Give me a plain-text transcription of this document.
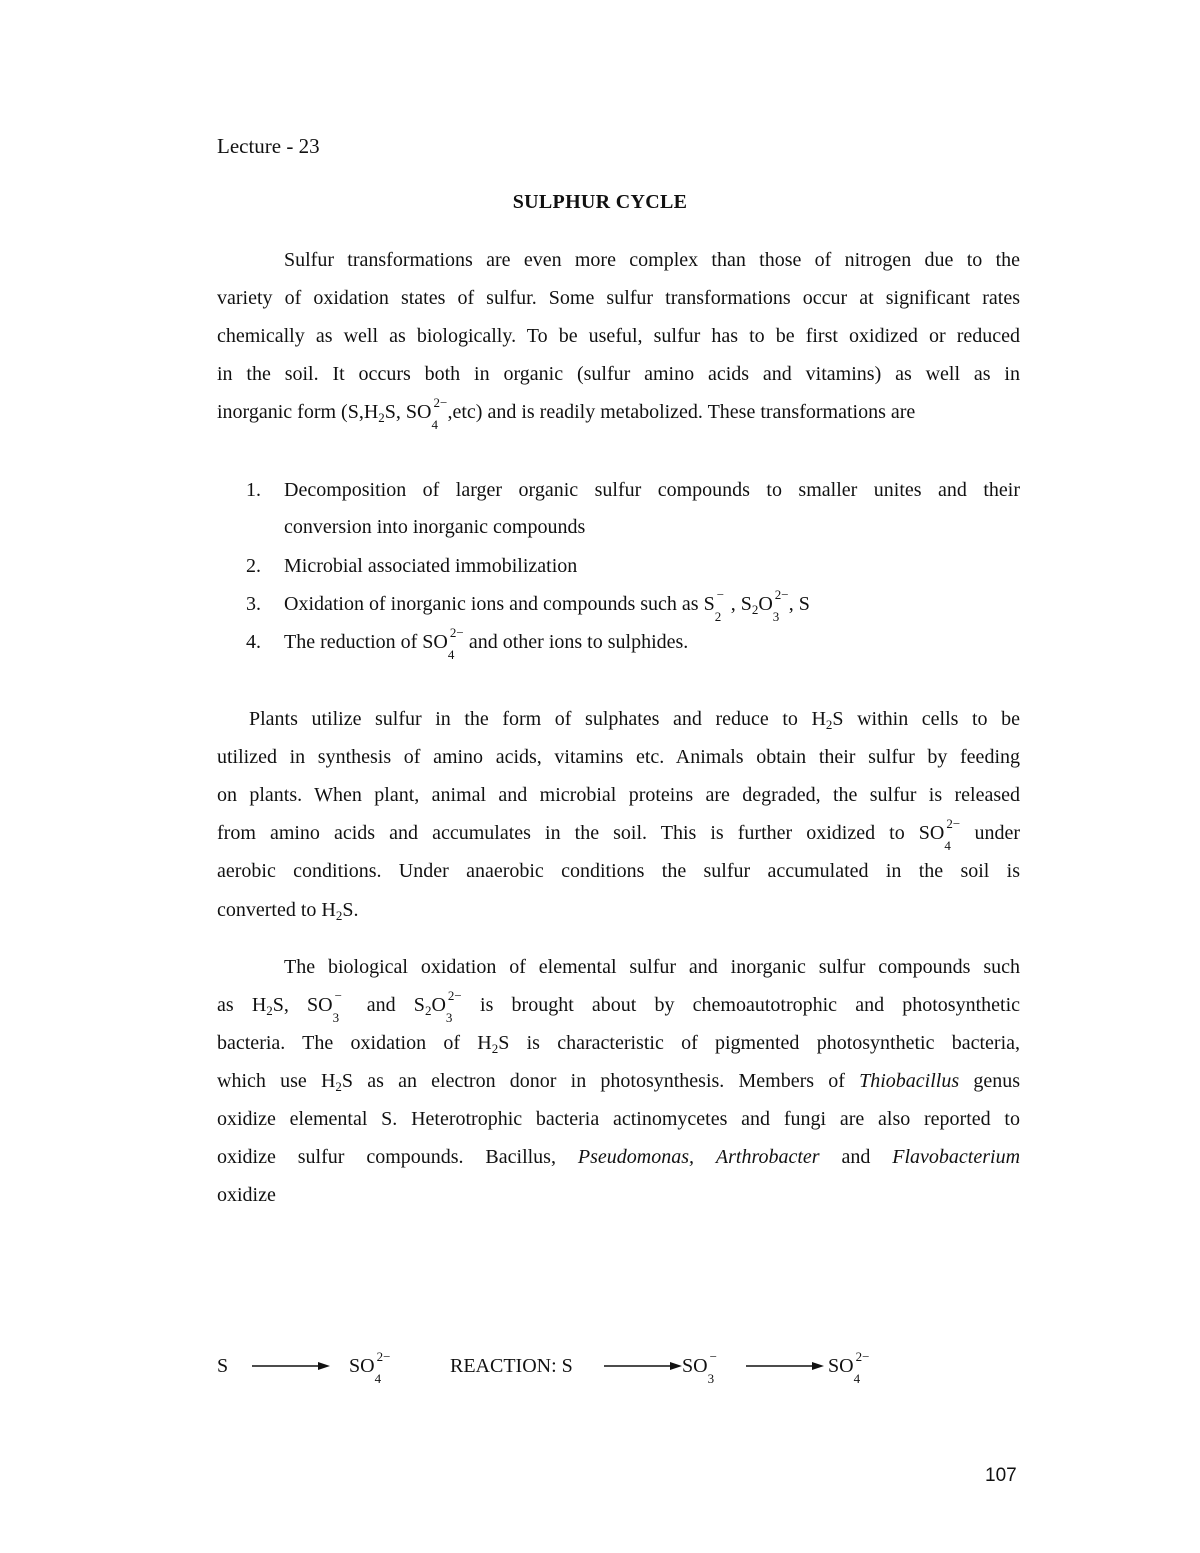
Lecture - 23
SULPHUR CYCLE
Sulfur transformations are even more complex than those of nitrogen due to the
variety of oxidation states of sulfur. Some sulfur transformations occur at significant rates
chemically as well as biologically. To be useful, sulfur has to be first oxidized or reduced
in the soil. It occurs both in organic (sulfur amino acids and vitamins) as well as in
inorganic form ($S,H_2S$, SO
4
2− ,etc) and is readily metabolized. These transformations are
1. Decomposition of larger organic sulfur compounds to smaller unites and their
conversion into inorganic compounds
2. Microbial associated immobilization
3. Oxidation of inorganic ions and compounds such as S
2
− , $S_2O$
3
2− , S
4. The reduction of SO
4
2− and other ions to sulphides.
Plants utilize sulfur in the form of sulphates and reduce to $H_2S$ within cells to be
utilized in synthesis of amino acids, vitamins etc. Animals obtain their sulfur by feeding
on plants. When plant, animal and microbial proteins are degraded, the sulfur is released
from amino acids and accumulates in the soil. This is further oxidized to SO
4
2− under
aerobic conditions. Under anaerobic conditions the sulfur accumulated in the soil is
converted to $H_2S$.
The biological oxidation of elemental sulfur and inorganic sulfur compounds such
as $H_2S$, SO
3
− and $S_2O$
3
2− is brought about by chemoautotrophic and photosynthetic
bacteria. The oxidation of $H_2S$ is characteristic of pigmented photosynthetic bacteria,
which use $H_2S$ as an electron donor in photosynthesis. Members of Thiobacillus genus
oxidize elemental S. Heterotrophic bacteria actinomycetes and fungi are also reported to
oxidize sulfur compounds. Bacillus, Pseudomonas, Arthrobacter and Flavobacterium
oxidize
S	SO
4
2−	REACTION: S	SO
3
−	SO
4
2−
107
